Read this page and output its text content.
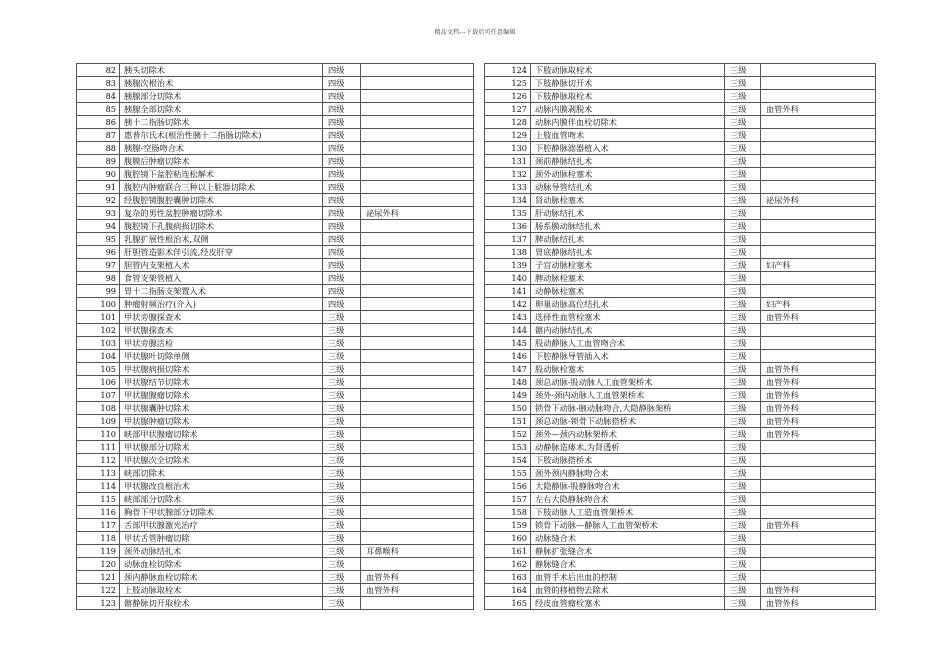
精品文档---下载后可任意编辑
82	胰头切除术	四级	
83	胰腺次根治术	四级	
84	胰腺部分切除术	四级	
85	胰腺全部切除术	四级	
86	胰十二指肠切除术	四级	
87	惠普尔氏术(根治性胰十二指肠切除术)	四级	
88	胰腺-空肠吻合术	四级	
89	腹膜后肿瘤切除术	四级	
90	腹腔镜下盆腔粘连松解术	四级	
91	腹腔内肿瘤联合三种以上脏器切除术	四级	
92	经腹腔镜腹腔囊肿切除术	四级	
93	复杂的男性盆腔肿瘤切除术	四级	泌尿外科
94	腹腔镜下孔腹病损切除术	四级	
95	乳腺扩展性根治术,双侧	四级	
96	肝胆管造影术伴引流,经皮肝穿	四级	
97	胆管内支架植入术	四级	
98	食管支架管植入	四级	
99	胃十二指肠支架置入术	四级	
100	肿瘤射频治疗(介入)	四级	
101	甲状旁腺探查术	三级	
102	甲状腺探查术	三级	
103	甲状旁腺活检	三级	
104	甲状腺叶切除单侧	三级	
105	甲状腺病损切除术	三级	
106	甲状腺结节切除术	三级	
107	甲状腺腺瘤切除术	三级	
108	甲状腺囊肿切除术	三级	
109	甲状腺肿瘤切除术	三级	
110	峡部甲状腺瘤切除术	三级	
111	甲状腺部分切除术	三级	
112	甲状腺次全切除术	三级	
113	峡部切除术	三级	
114	甲状腺改良根治术	三级	
115	峡部部分切除术	三级	
116	胸骨下甲状腺部分切除术	三级	
117	舌部甲状腺激光治疗	三级	
118	甲状舌管肿瘤切除	三级	
119	颈外动脉结扎术	三级	耳鼻喉科
120	动脉血栓切除术	三级	
121	颈内静脉血栓切除术	三级	血管外科
122	上肢动脉取栓术	三级	血管外科
123	髂静脉切开取栓术	三级	
124	下肢动脉取栓术	三级	
125	下肢静脉切开术	三级	
126	下肢静脉取栓术	三级	
127	动脉内膜剥脱术	三级	血管外科
128	动脉内膜伴血栓切除术	三级	
129	上肢血管吻术	三级	
130	下腔静脉滤器植入术	三级	
131	颈前静脉结扎术	三级	
132	颈外动脉栓塞术	三级	
133	动脉导管结扎术	三级	
134	肾动脉栓塞术	三级	泌尿外科
135	肝动脉结扎术	三级	
136	肠系膜动脉结扎术	三级	
137	脾动脉结扎术	三级	
138	胃底静脉结扎术	三级	
139	子宫动脉栓塞术	三级	妇产科
140	脾动脉栓塞术	三级	
141	动静脉栓塞术	三级	
142	卵巢动脉高位结扎术	三级	妇产科
143	选择性血管栓塞术	三级	血管外科
144	髂内动脉结扎术	三级	
145	股动静脉人工血管吻合术	三级	
146	下腔静脉导管插入术	三级	
147	股动脉栓塞术	三级	血管外科
148	颈总动脉-股动脉人工血管架桥术	三级	血管外科
149	颈外-颈内动脉人工血管架桥术	三级	血管外科
150	锁骨下动脉-腋动脉吻合,大隐静脉架桥	三级	血管外科
151	颈总动脉-锁骨下动脉搭桥术	三级	血管外科
152	颈外—颈内动脉架桥术	三级	血管外科
153	动静脉造瘘术,为肾透析	三级	
154	下肢动脉搭桥术	三级	
155	颈外颈内静脉吻合术	三级	
156	大隐静脉-股静脉吻合术	三级	
157	左右大隐静脉吻合术	三级	
158	下肢动脉人工造血管架桥术	三级	
159	锁骨下动脉—静脉人工血管架桥术	三级	血管外科
160	动脉缝合术	三级	
161	静脉扩张缝合术	三级	
162	静脉缝合术	三级	
163	血管手术后出血的控制	三级	
164	血管的移植物去除术	三级	血管外科
165	经皮血管瘤栓塞术	三级	血管外科
